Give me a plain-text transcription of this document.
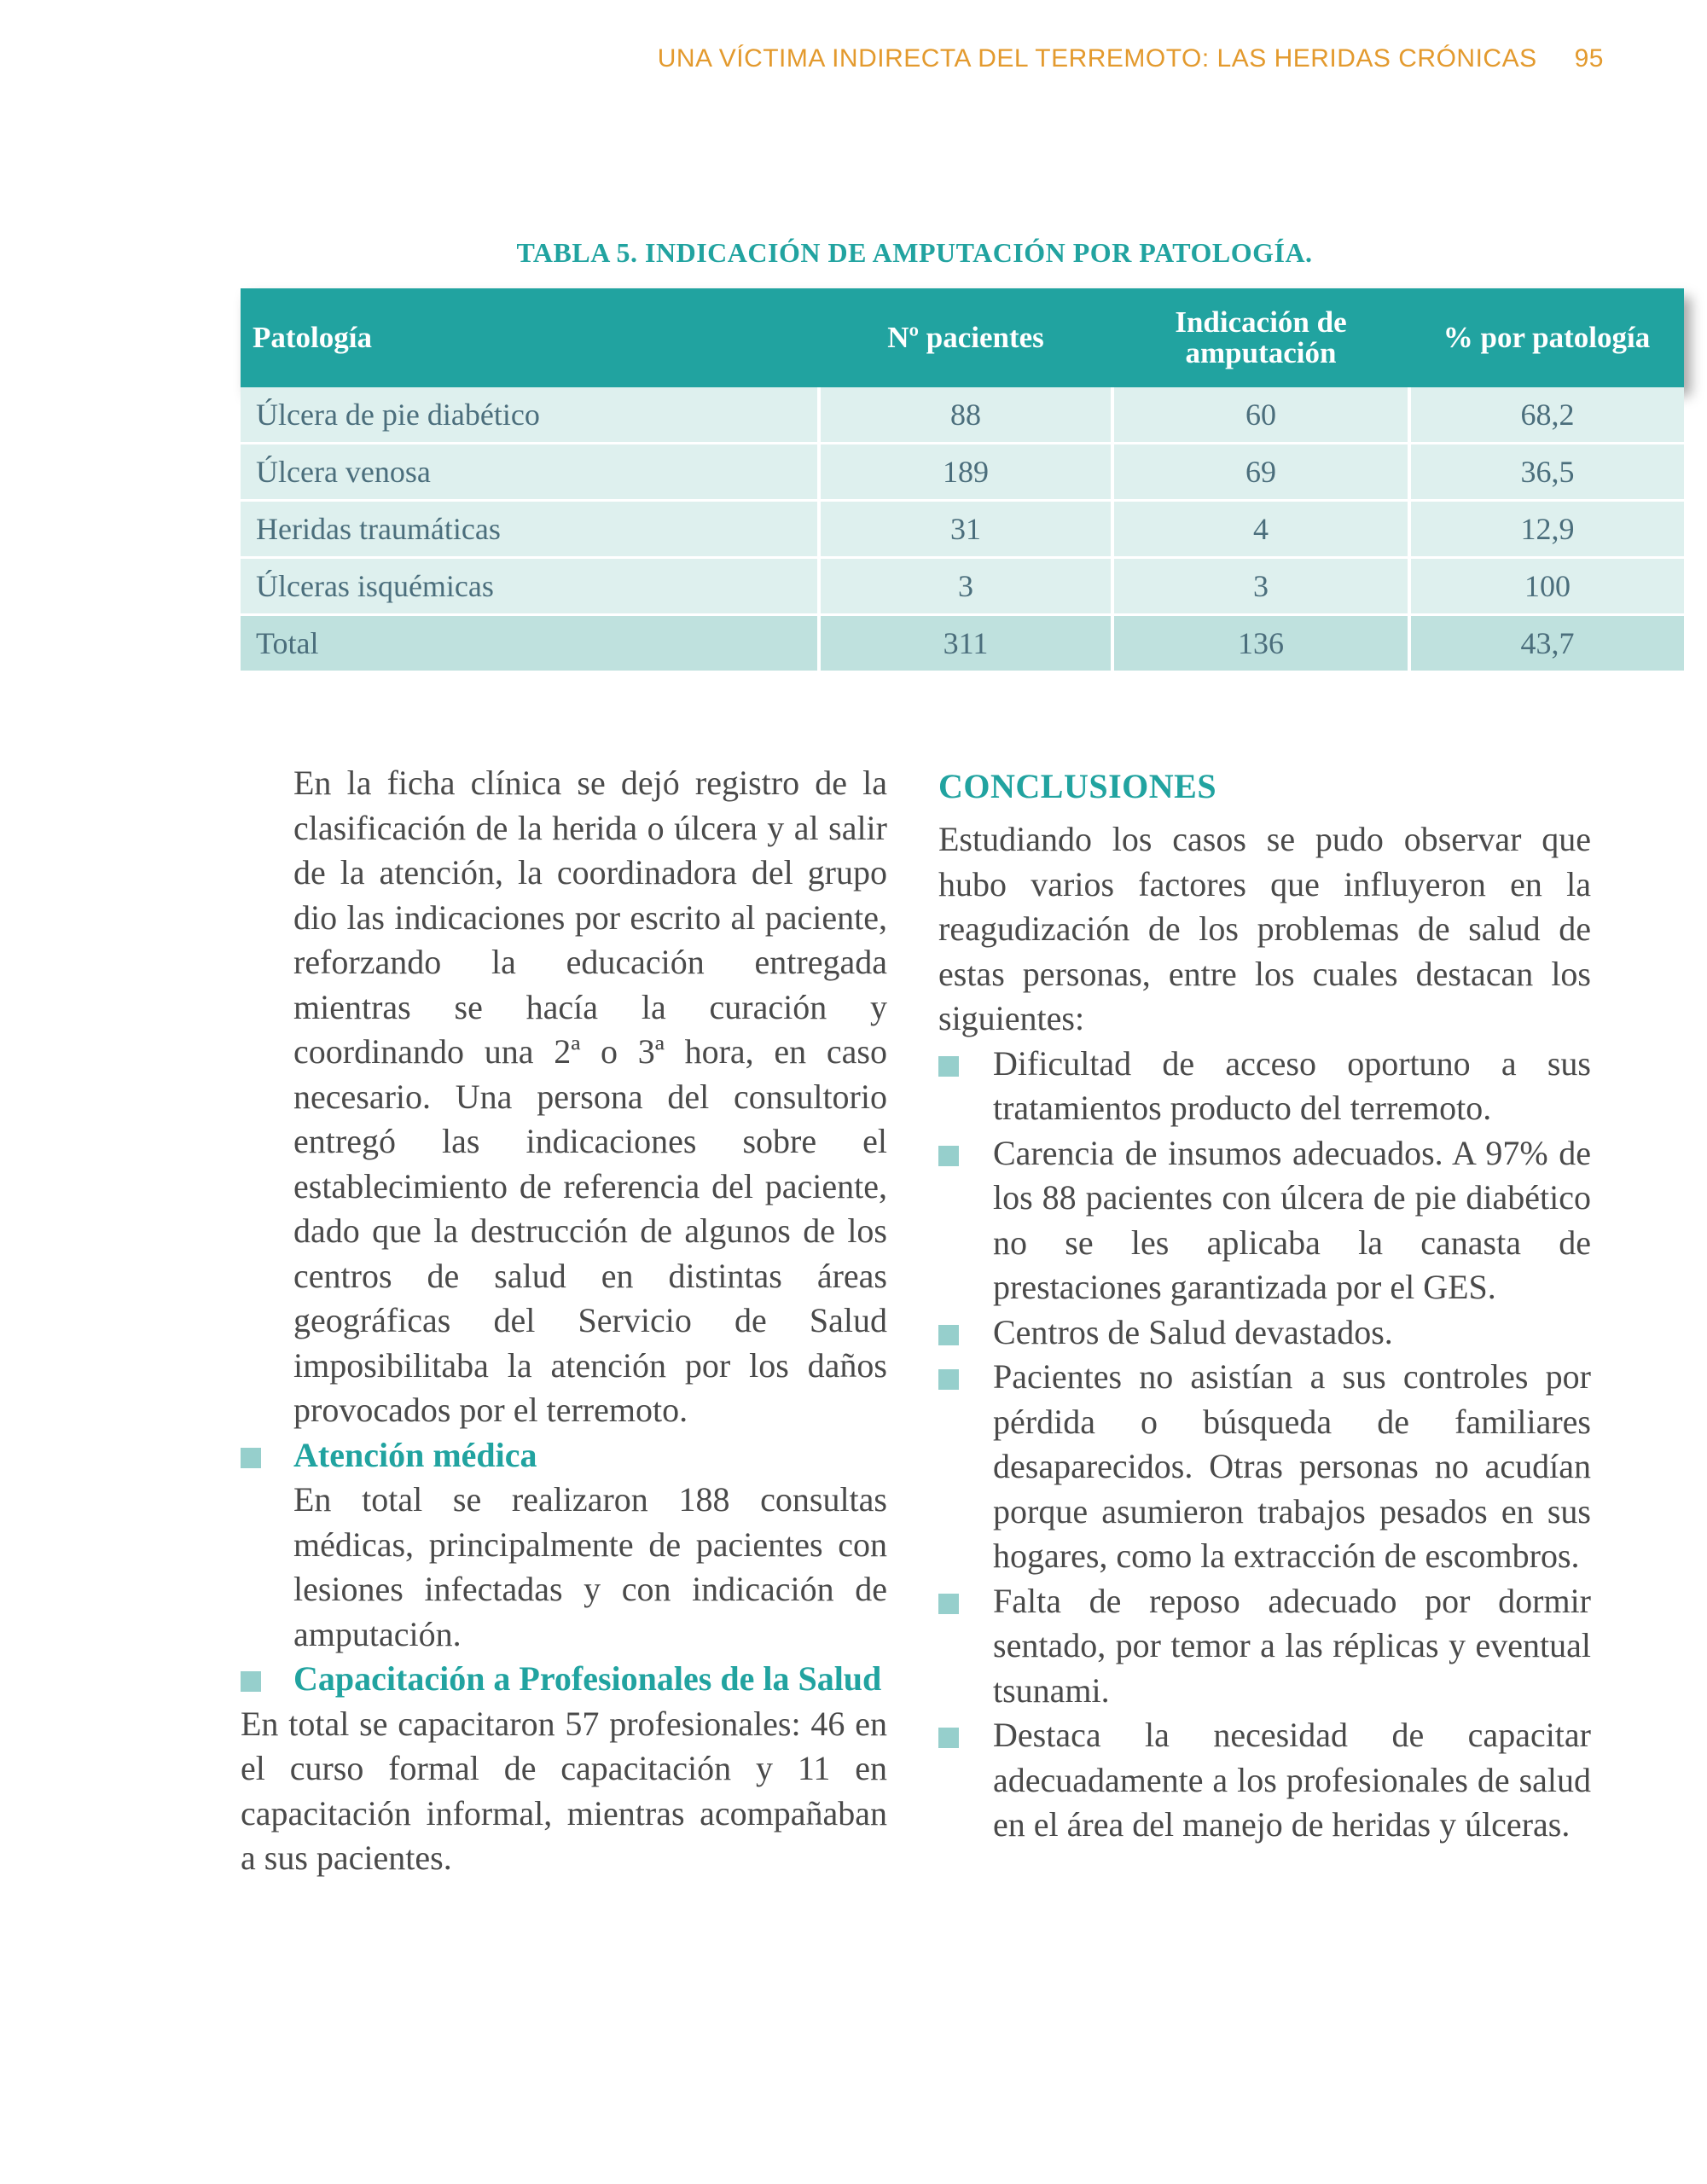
UNA VÍCTIMA INDIRECTA DEL TERREMOTO: LAS HERIDAS CRÓNICAS 95
TABLA 5. INDICACIÓN DE AMPUTACIÓN POR PATOLOGÍA.
Patología	Nº pacientes	Indicación de amputación	% por patología
Úlcera de pie diabético	88	60	68,2
Úlcera venosa	189	69	36,5
Heridas traumáticas	31	4	12,9
Úlceras isquémicas	3	3	100
Total	311	136	43,7

En la ficha clínica se dejó registro de la clasificación de la herida o úlcera y al salir de la atención, la coordinadora del grupo dio las indicaciones por escrito al paciente, reforzando la educación entregada mientras se hacía la curación y coordinando una 2ª o 3ª hora, en caso necesario. Una persona del consultorio entregó las indicaciones sobre el establecimiento de referencia del paciente, dado que la destrucción de algunos de los centros de salud en distintas áreas geográficas del Servicio de Salud imposibilitaba la atención por los daños provocados por el terremoto.

Atención médica

En total se realizaron 188 consultas médicas, principalmente de pacientes con lesiones infectadas y con indicación de amputación.

Capacitación a Profesionales de la Salud

En total se capacitaron 57 profesionales: 46 en el curso formal de capacitación y 11 en capacitación informal, mientras acompañaban a sus pacientes.

CONCLUSIONES

Estudiando los casos se pudo observar que hubo varios factores que influyeron en la reagudización de los problemas de salud de estas personas, entre los cuales destacan los siguientes:

Dificultad de acceso oportuno a sus tratamientos producto del terremoto.
Carencia de insumos adecuados. A 97% de los 88 pacientes con úlcera de pie diabético no se les aplicaba la canasta de prestaciones garantizada por el GES.
Centros de Salud devastados.
Pacientes no asistían a sus controles por pérdida o búsqueda de familiares desaparecidos. Otras personas no acudían porque asumieron trabajos pesados en sus hogares, como la extracción de escombros.
Falta de reposo adecuado por dormir sentado, por temor a las réplicas y eventual tsunami.
Destaca la necesidad de capacitar adecuadamente a los profesionales de salud en el área del manejo de heridas y úlceras.
